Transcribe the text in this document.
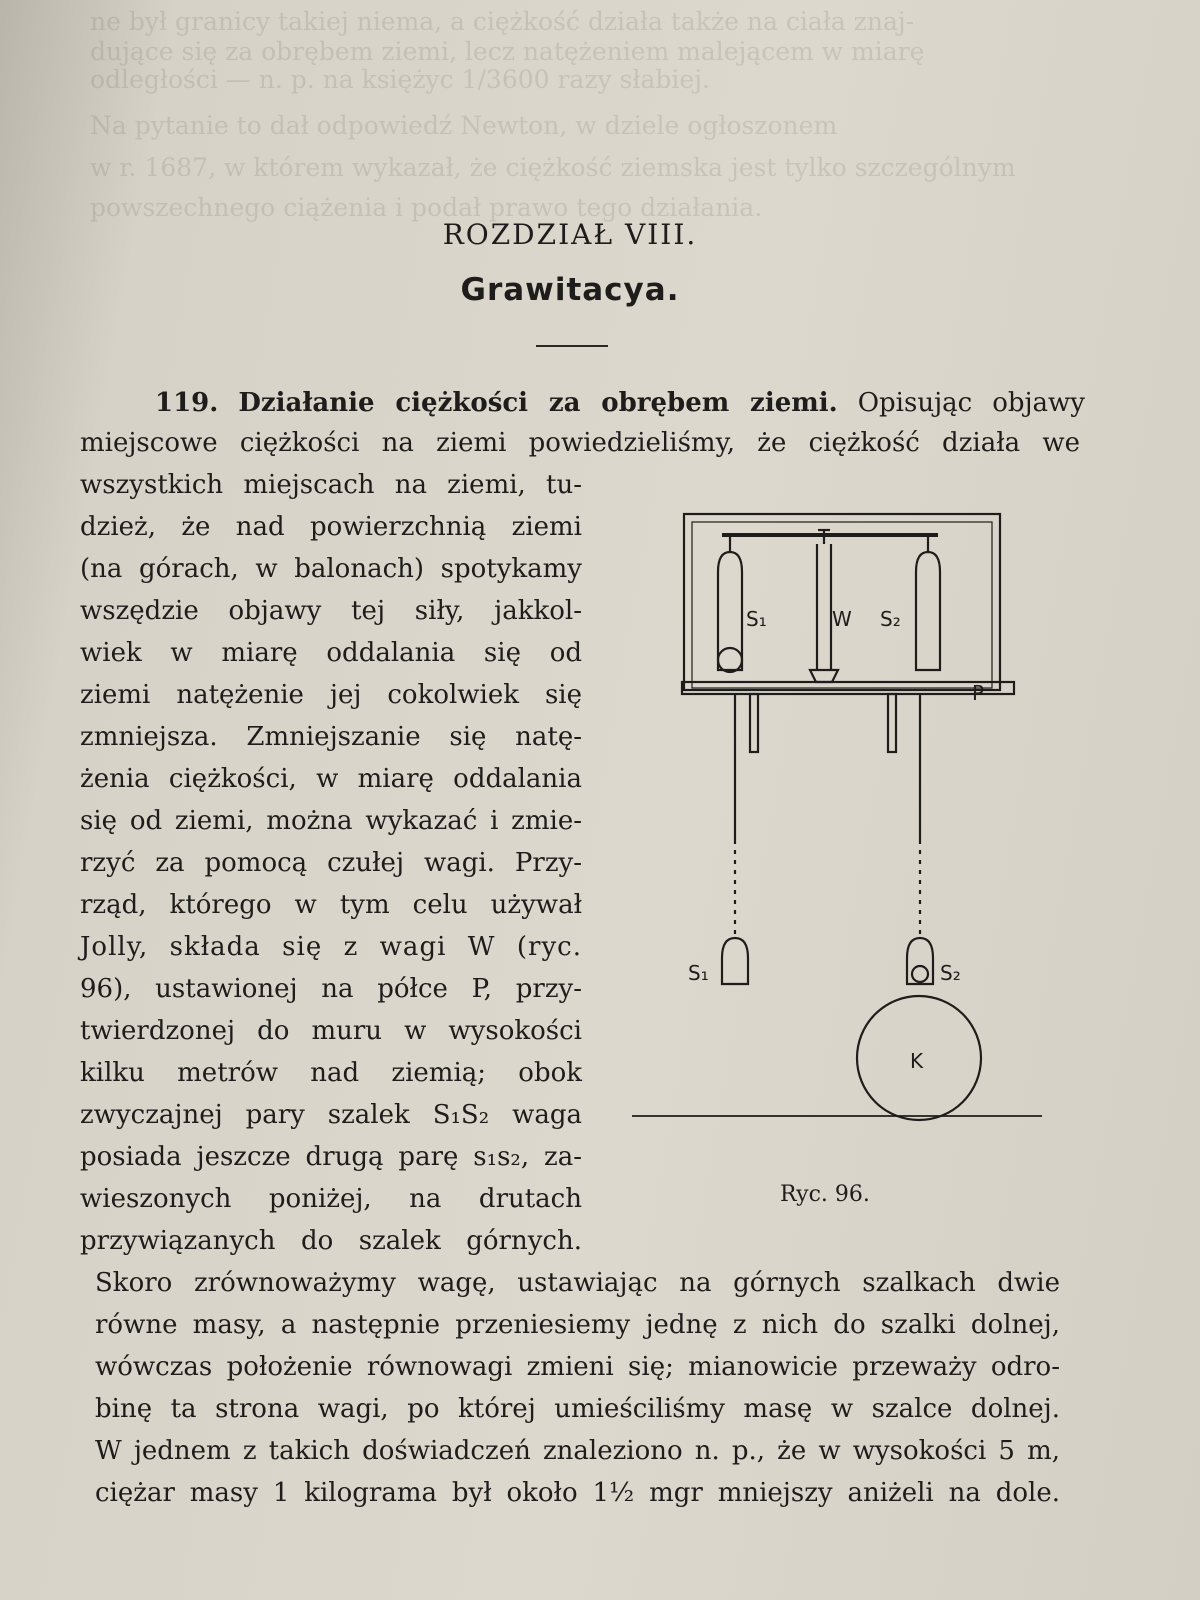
ne był granicy takiej niema, a ciężkość działa także na ciała znaj-
dujące się za obrębem ziemi, lecz natężeniem malejącem w miarę
odległości — n. p. na księżyc 1/3600 razy słabiej.
Na pytanie to dał odpowiedź Newton, w dziele ogłoszonem
w r. 1687, w którem wykazał, że ciężkość ziemska jest tylko szczególnym
powszechnego ciążenia i podał prawo tego działania.
ROZDZIAŁ VIII.
Grawitacya.
119. Działanie ciężkości za obrębem ziemi. Opisując objawy
miejscowe ciężkości na ziemi powiedzieliśmy, że ciężkość działa we
wszystkich miejscach na ziemi, tu-
dzież, że nad powierzchnią ziemi
(na górach, w balonach) spotykamy
wszędzie objawy tej siły, jakkol-
wiek w miarę oddalania się od
ziemi natężenie jej cokolwiek się
zmniejsza. Zmniejszanie się natę-
żenia ciężkości, w miarę oddalania
się od ziemi, można wykazać i zmie-
rzyć za pomocą czułej wagi. Przy-
rząd, którego w tym celu używał
Jolly, składa się z wagi W (ryc.
96), ustawionej na półce P, przy-
twierdzonej do muru w wysokości
kilku metrów nad ziemią; obok
zwyczajnej pary szalek S₁S₂ waga
posiada jeszcze drugą parę s₁s₂, za-
wieszonych poniżej, na drutach
przywiązanych do szalek górnych.
Skoro zrównoważymy wagę, ustawiając na górnych szalkach dwie
równe masy, a następnie przeniesiemy jednę z nich do szalki dolnej,
wówczas położenie równowagi zmieni się; mianowicie przeważy odro-
binę ta strona wagi, po której umieściliśmy masę w szalce dolnej.
W jednem z takich doświadczeń znaleziono n. p., że w wysokości 5 m,
ciężar masy 1 kilograma był około 1½ mgr mniejszy aniżeli na dole.
S₁	W S₂
P
S₁	S₂
K
Ryc. 96.
